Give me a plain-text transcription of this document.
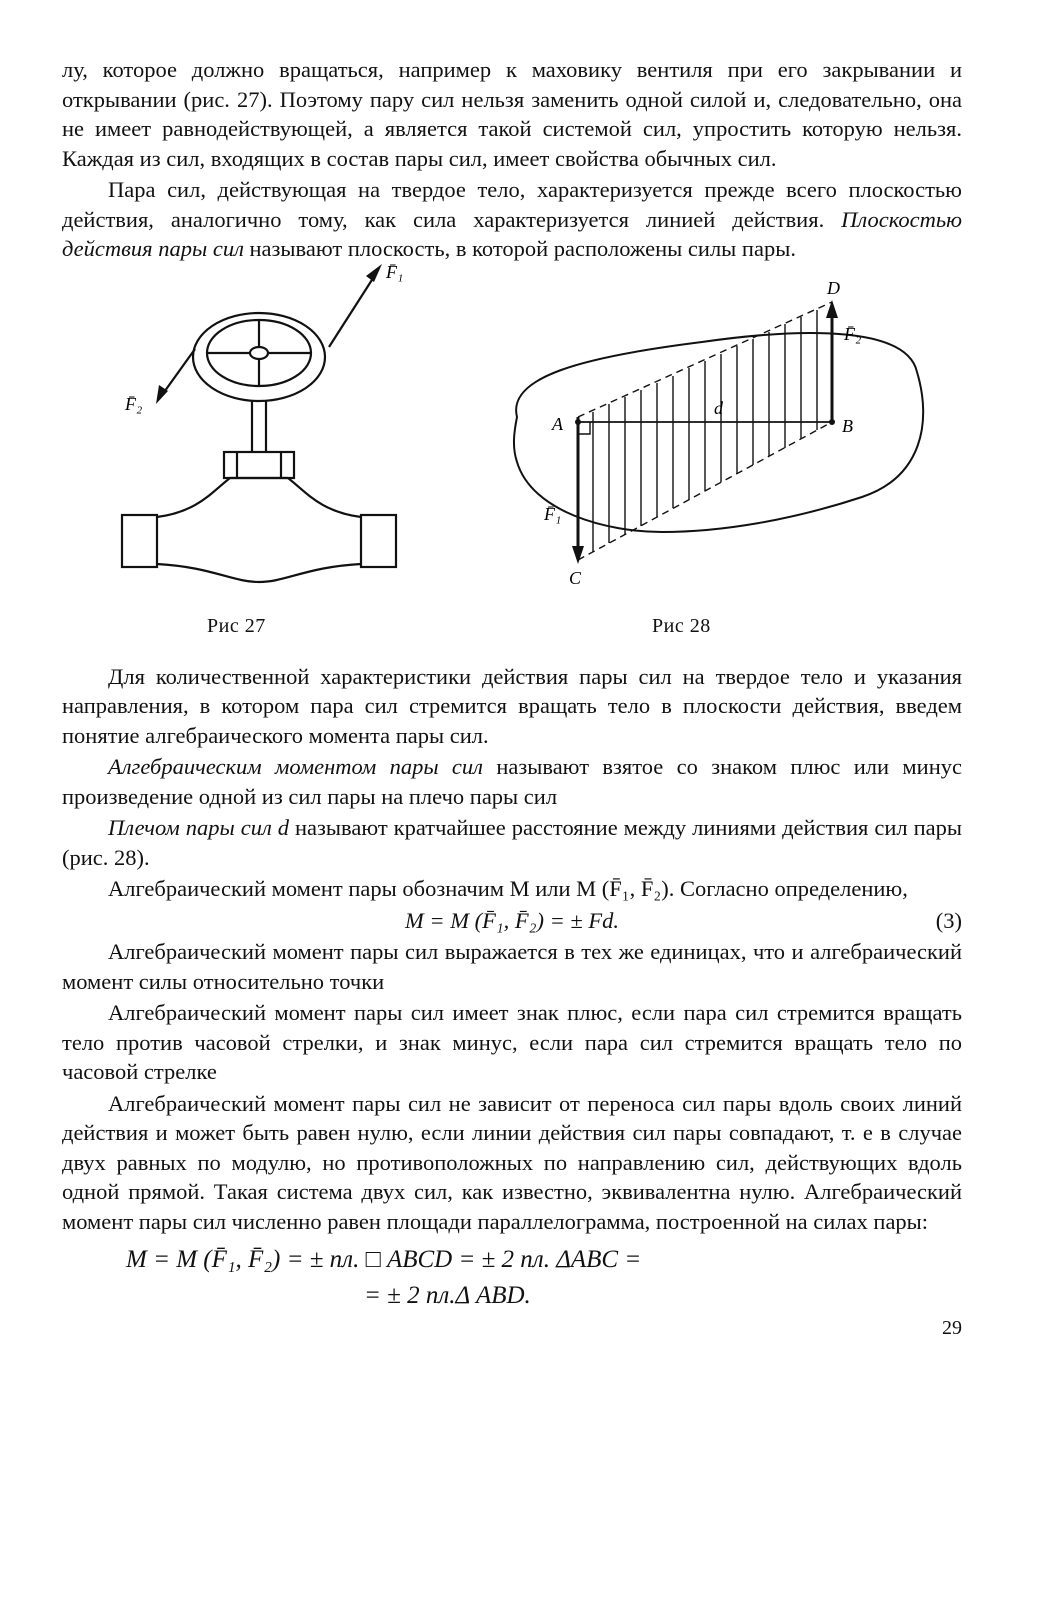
лу, которое должно вращаться, например к маховику вентиля при его закрывании и открывании (рис. 27). Поэтому пару сил нельзя заменить одной силой и, следовательно, она не имеет равнодействующей, а является такой системой сил, упростить которую нельзя. Каждая из сил, входящих в состав пары сил, имеет свойства обычных сил.

Пара сил, действующая на твердое тело, характеризуется прежде всего плоскостью действия, аналогично тому, как сила характеризуется линией действия. Плоскостью действия пары сил называют плоскость, в которой расположены силы пары.

F̄₁
F̄₂
A	B
C
D
d
F̄₁
F̄₂
Рис 27	Рис 28

Для количественной характеристики действия пары сил на твердое тело и указания направления, в котором пара сил стремится вращать тело в плоскости действия, введем понятие алгебраического момента пары сил.

Алгебраическим моментом пары сил называют взятое со знаком плюс или минус произведение одной из сил пары на плечо пары сил

Плечом пары сил d называют кратчайшее расстояние между линиями действия сил пары (рис. 28).

Алгебраический момент пары обозначим M или M (F̄₁, F̄₂). Согласно определению,

M = M (F̄₁, F̄₂) = ± Fd.	(3)

Алгебраический момент пары сил выражается в тех же единицах, что и алгебраический момент силы относительно точки

Алгебраический момент пары сил имеет знак плюс, если пара сил стремится вращать тело против часовой стрелки, и знак минус, если пара сил стремится вращать тело по часовой стрелке

Алгебраический момент пары сил не зависит от переноса сил пары вдоль своих линий действия и может быть равен нулю, если линии действия сил пары совпадают, т. е в случае двух равных по модулю, но противоположных по направлению сил, действующих вдоль одной прямой. Такая система двух сил, как известно, эквивалентна нулю. Алгебраический момент пары сил численно равен площади параллелограмма, построенной на силах пары:

M = M (F̄₁, F̄₂) = ± пл. □ ABCD = ± 2 пл. ΔABC =
= ± 2 пл.Δ ABD.
29
